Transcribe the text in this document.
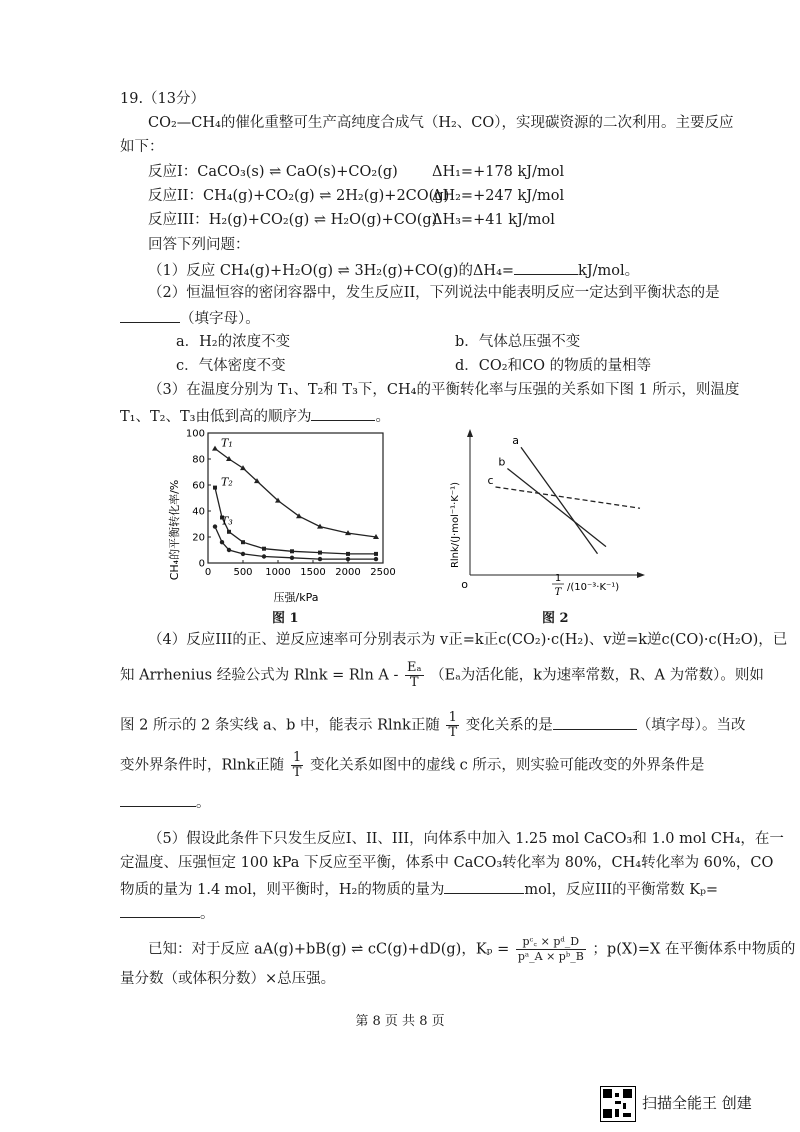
19.（13分）
CO₂—CH₄的催化重整可生产高纯度合成气（H₂、CO），实现碳资源的二次利用。主要反应
如下：
反应I：CaCO₃(s) ⇌ CaO(s)+CO₂(g) ΔH₁=+178 kJ/mol
反应II：CH₄(g)+CO₂(g) ⇌ 2H₂(g)+2CO(g)
ΔH₂=+247 kJ/mol
反应III：H₂(g)+CO₂(g) ⇌ H₂O(g)+CO(g)
ΔH₃=+41 kJ/mol
回答下列问题：
（1）反应 CH₄(g)+H₂O(g) ⇌ 3H₂(g)+CO(g)的ΔH₄=	kJ/mol。
（2）恒温恒容的密闭容器中，发生反应II，下列说法中能表明反应一定达到平衡状态的是
（填字母）。
a．H₂的浓度不变	b．气体总压强不变
c．气体密度不变	d．CO₂和CO 的物质的量相等
（3）在温度分别为 T₁、T₂和 T₃下，CH₄的平衡转化率与压强的关系如下图 1 所示，则温度
T₁、T₂、T₃由低到高的顺序为	。
0 500 1000 1500 2000 2500
0
20
40
60
80
100
T₁
T₂
T₃
CH₄的平衡转化率/%
压强/kPa
图 1
a
b
c
Rlnk/(J·mol⁻¹·K⁻¹)
o	1
T /(10⁻³·K⁻¹)
图 2
（4）反应III的正、逆反应速率可分别表示为 v正=k正c(CO₂)·c(H₂)、v逆=k逆c(CO)·c(H₂O)，已
知 Arrhenius 经验公式为 Rlnk = Rln A - $\frac{\text{Eₐ}}{T} (E_a$为活化能，k为速率常数，R、A 为常数）。则如
图 2 所示的 2 条实线 a、b 中，能表示 Rlnk正随 $\frac{1}{T}$ 变化关系的是	（填字母）。当改
变外界条件时，Rlnk正随 $\frac{1}{T}$ 变化关系如图中的虚线 c 所示，则实验可能改变的外界条件是
。
（5）假设此条件下只发生反应I、II、III，向体系中加入 1.25 mol CaCO₃和 1.0 mol CH₄，在一
定温度、压强恒定 100 kPa 下反应至平衡，体系中 CaCO₃转化率为 80%，CH₄转化率为 60%，CO
物质的量为 1.4 mol，则平衡时，H₂的物质的量为	mol，反应III的平衡常数 Kₚ=
。
已知：对于反应 aA(g)+bB(g) ⇌ cC(g)+dD(g)，$K_p = \frac{\text{pᶜ꜀ × pᵈ\_D}}{\text{pᵃ\_A × pᵇ\_B}}$ ；p(X)=X 在平衡体系中物质的
量分数（或体积分数）×总压强。
第 8 页 共 8 页
扫描全能王 创建
